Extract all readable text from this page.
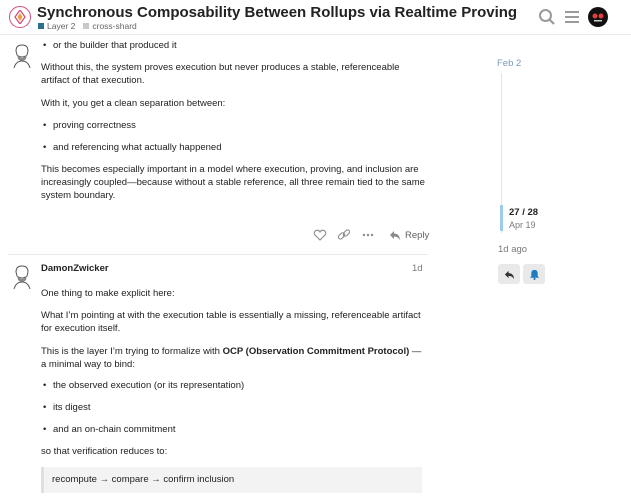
Synchronous Composability Between Rollups via Realtime Proving
Layer 2 cross-shard
• or the builder that produced it
Without this, the system proves execution but never produces a stable, referenceable artifact of that execution.
With it, you get a clean separation between:
• proving correctness
• and referencing what actually happened
This becomes especially important in a model where execution, proving, and inclusion are increasingly coupled—because without a stable reference, all three remain tied to the same system boundary.
Reply
DamonZwicker	1d
One thing to make explicit here:
What I’m pointing at with the execution table is essentially a missing, referenceable artifact for execution itself.
This is the layer I’m trying to formalize with OCP (Observation Commitment Protocol) — a minimal way to bind:
• the observed execution (or its representation)
• its digest
• and an on-chain commitment
so that verification reduces to:
recompute → compare → confirm inclusion
Feb 2
27 / 28
Apr 19
1d ago
